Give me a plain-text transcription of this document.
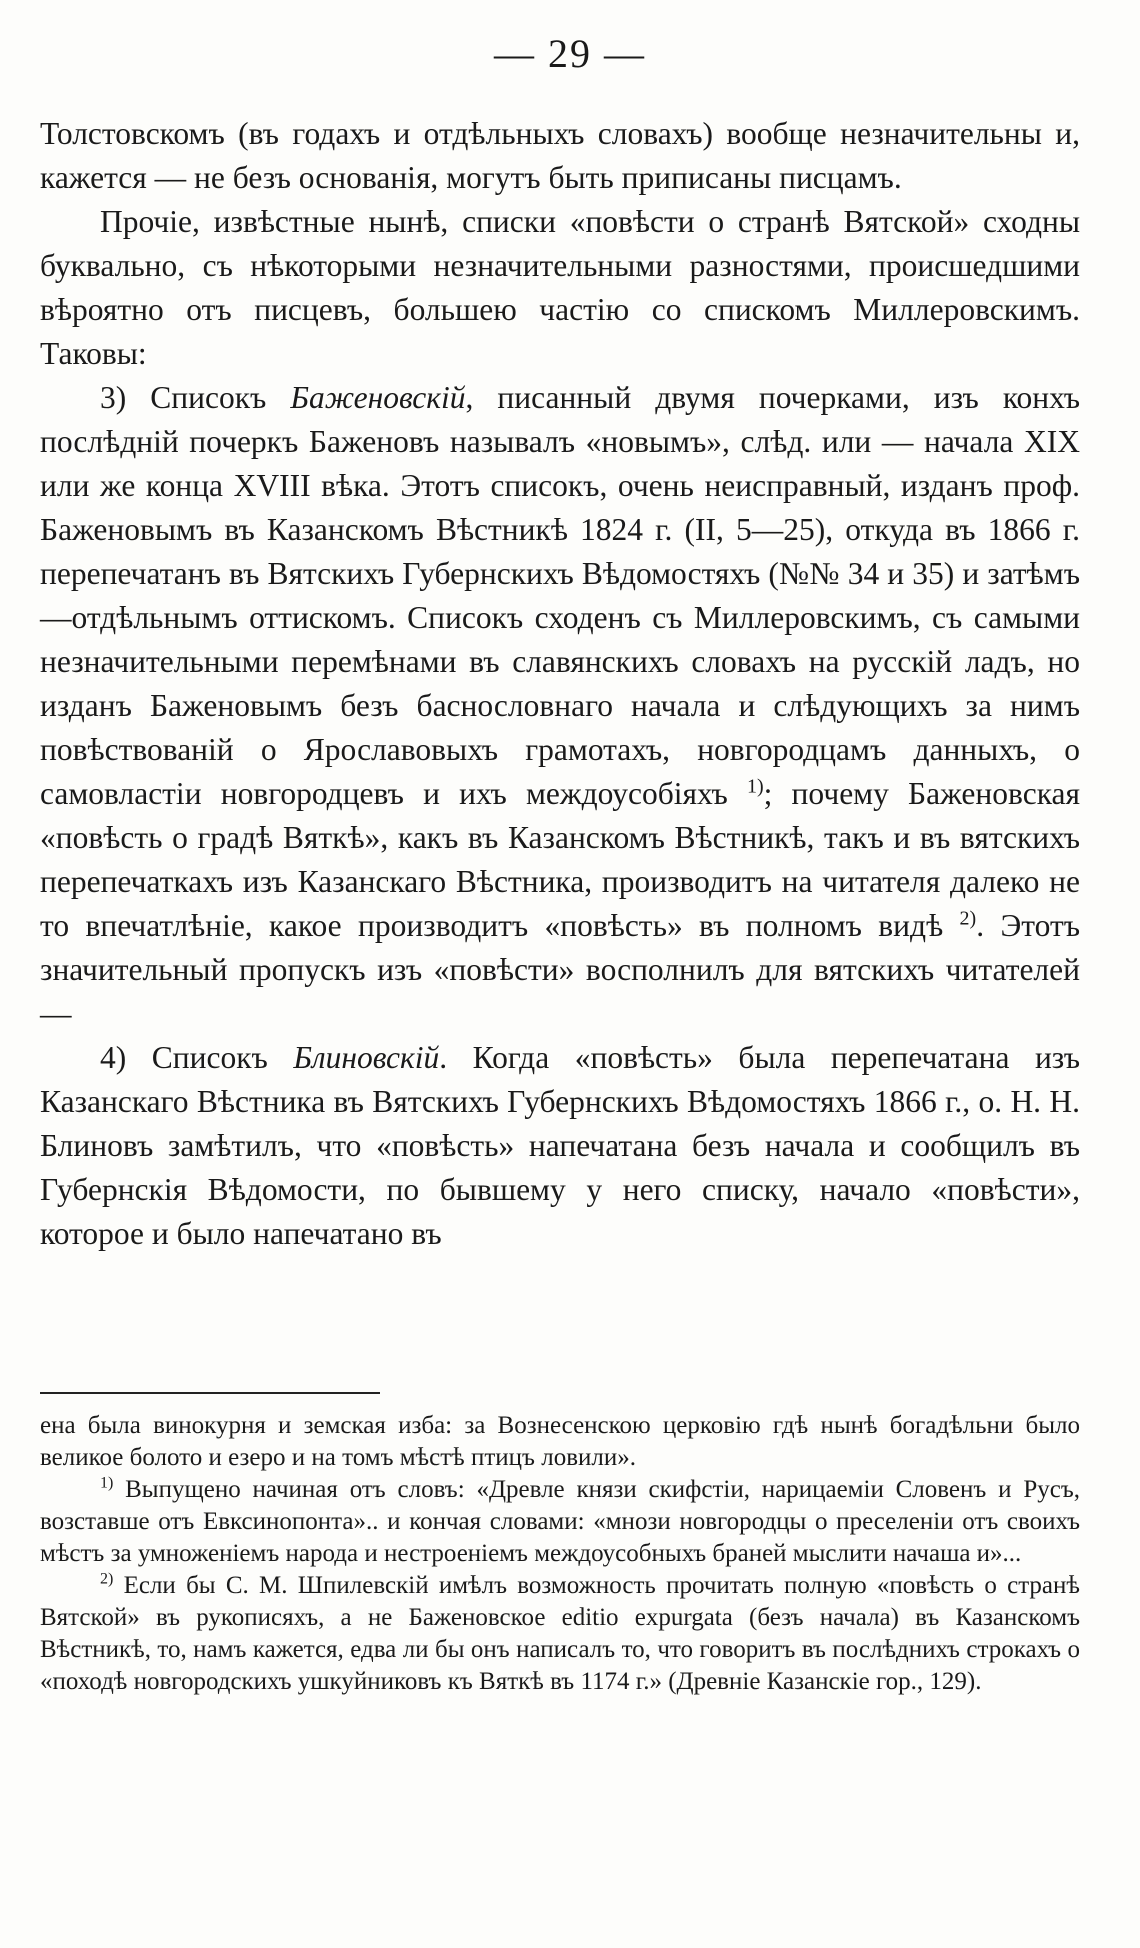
— 29 —

Толстовскомъ (въ годахъ и отдѣльныхъ словахъ) вообще незначительны и, кажется — не безъ основанія, могутъ быть приписаны писцамъ.

Прочіе, извѣстные нынѣ, списки «повѣсти о странѣ Вятской» сходны буквально, съ нѣкоторыми незначительными разностями, происшедшими вѣроятно отъ писцевъ, большею частію со спискомъ Миллеровскимъ. Таковы:

3) Списокъ Баженовскій, писанный двумя почерками, изъ конхъ послѣдній почеркъ Баженовъ называлъ «новымъ», слѣд. или — начала XIX или же конца XVIII вѣка. Этотъ списокъ, очень неисправный, изданъ проф. Баженовымъ въ Казанскомъ Вѣстникѣ 1824 г. (II, 5—25), откуда въ 1866 г. перепечатанъ въ Вятскихъ Губернскихъ Вѣдомостяхъ (№№ 34 и 35) и затѣмъ—отдѣльнымъ оттискомъ. Списокъ сходенъ съ Миллеровскимъ, съ самыми незначительными перемѣнами въ славянскихъ словахъ на русскій ладъ, но изданъ Баженовымъ безъ баснословнаго начала и слѣдующихъ за нимъ повѣствованій о Ярославовыхъ грамотахъ, новгородцамъ данныхъ, о самовластіи новгородцевъ и ихъ междоусобіяхъ $^{1)}$; почему Баженовская «повѣсть о градѣ Вяткѣ», какъ въ Казанскомъ Вѣстникѣ, такъ и въ вятскихъ перепечаткахъ изъ Казанскаго Вѣстника, производитъ на читателя далеко не то впечатлѣніе, какое производитъ «повѣсть» въ полномъ видѣ $^{2)}$. Этотъ значительный пропускъ изъ «повѣсти» восполнилъ для вятскихъ читателей—

4) Списокъ Блиновскій. Когда «повѣсть» была перепечатана изъ Казанскаго Вѣстника въ Вятскихъ Губернскихъ Вѣдомостяхъ 1866 г., о. Н. Н. Блиновъ замѣтилъ, что «повѣсть» напечатана безъ начала и сообщилъ въ Губернскія Вѣдомости, по бывшему у него списку, начало «повѣсти», которое и было напечатано въ

ена была винокурня и земская изба: за Вознесенскою церковію гдѣ нынѣ богадѣльни было великое болото и езеро и на томъ мѣстѣ птицъ ловили».

$^{1)}$ Выпущено начиная отъ словъ: «Древле князи скифстіи, нарицаеміи Словенъ и Русъ, возставше отъ Евксинопонта».. и кончая словами: «мнози новгородцы о преселеніи отъ своихъ мѣстъ за умноженіемъ народа и нестроеніемъ междоусобныхъ браней мыслити начаша и»...

$^{2)}$ Если бы С. М. Шпилевскій имѣлъ возможность прочитать полную «повѣсть о странѣ Вятской» въ рукописяхъ, а не Баженовское editio expurgata (безъ начала) въ Казанскомъ Вѣстникѣ, то, намъ кажется, едва ли бы онъ написалъ то, что говоритъ въ послѣднихъ строкахъ о «походѣ новгородскихъ ушкуйниковъ къ Вяткѣ въ 1174 г.» (Древніе Казанскіе гор., 129).
